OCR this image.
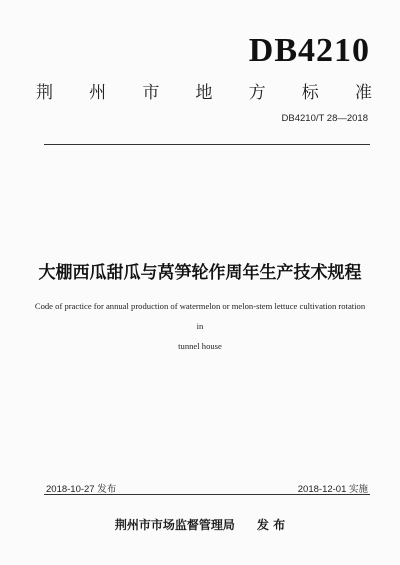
DB4210
荆 州 市 地 方 标 准
DB4210/T 28—2018
大棚西瓜甜瓜与莴笋轮作周年生产技术规程
Code of practice for annual production of watermelon or melon-stem lettuce cultivation rotation in
tunnel house
2018-10-27 发布	2018-12-01 实施
荆州市市场监督管理局 发 布
